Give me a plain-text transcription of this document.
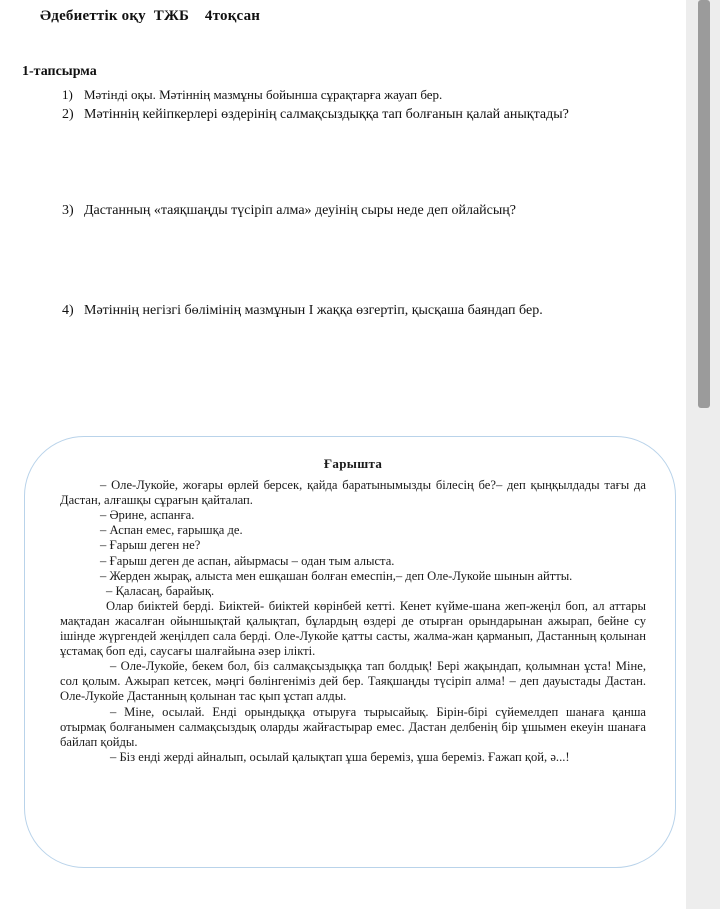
Әдебиеттік оқу  ТЖБ    4тоқсан
1-тапсырма
1) Мәтінді оқы. Мәтіннің мазмұны бойынша сұрақтарға жауап бер.
2) Мәтіннің кейіпкерлері өздерінің салмақсыздыққа тап болғанын қалай анықтады?
3) Дастанның «таяқшаңды түсіріп алма» деуінің сыры неде деп ойлайсың?
4) Мәтіннің негізгі бөлімінің мазмұнын І жаққа өзгертіп, қысқаша баяндап бер.
Ғарышта

– Оле-Лукойе, жоғары өрлей берсек, қайда баратынымызды білесің бе?– деп қыңқылдады тағы да Дастан, алғашқы сұрағын қайталап.

– Әрине, аспанға.

– Аспан емес, ғарышқа де.

– Ғарыш деген не?

– Ғарыш деген де аспан, айырмасы – одан тым алыста.

– Жерден жырақ, алыста мен ешқашан болған емеспін,– деп Оле-Лукойе шынын айтты.

– Қаласаң, барайық.

Олар биіктей берді. Биіктей- биіктей көрінбей кетті. Кенет күйме-шана жеп-жеңіл боп, ал аттары мақтадан жасалған ойыншықтай қалықтап, бұлардың өздері де отырған орындарынан ажырап, бейне су ішінде жүргендей жеңілдеп сала берді. Оле-Лукойе қатты састы, жалма-жан қарманып, Дастанның қолынан ұстамақ боп еді, саусағы шалғайына әзер ілікті.

– Оле-Лукойе, бекем бол, біз салмақсыздыққа тап болдық! Бері жақындап, қолымнан ұста! Міне, сол қолым. Ажырап кетсек, мәңгі бөлінгеніміз дей бер. Таяқшаңды түсіріп алма! – деп дауыстады Дастан. Оле-Лукойе Дастанның қолынан тас қып ұстап алды.

– Міне, осылай. Енді орындыққа отыруға тырысайық. Бірін-бірі сүйемелдеп шанаға қанша отырмақ болғанымен салмақсыздық оларды жайғастырар емес. Дастан делбенің бір ұшымен екеуін шанаға байлап қойды.

– Біз енді жерді айналып, осылай қалықтап ұша береміз, ұша береміз. Ғажап қой, ә...!
